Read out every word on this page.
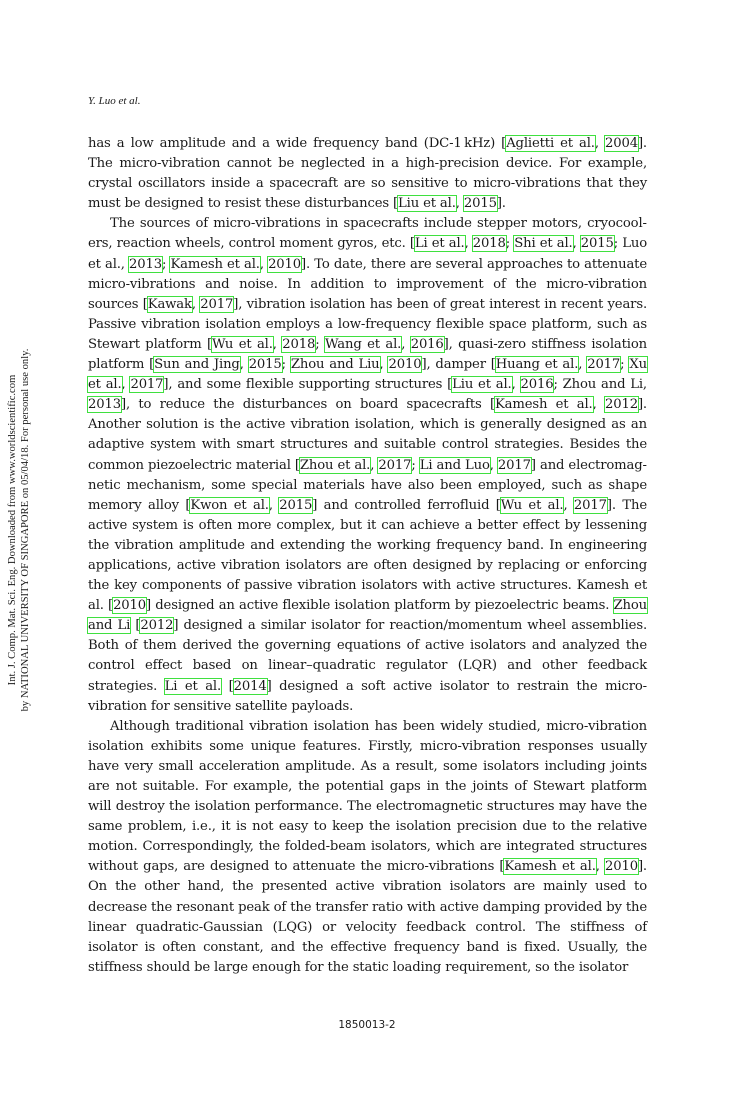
Y. Luo et al.
Int. J. Comp. Mat. Sci. Eng. Downloaded from www.worldscientific.com by NATIONAL UNIVERSITY OF SINGAPORE on 05/04/18. For personal use only.

has a low amplitude and a wide frequency band (DC-1 kHz) [Aglietti et al., 2004]. The micro-vibration cannot be neglected in a high-precision device. For example, crystal oscillators inside a spacecraft are so sensitive to micro-vibrations that they must be designed to resist these disturbances [Liu et al., 2015].

The sources of micro-vibrations in spacecrafts include stepper motors, cryocoolers, reaction wheels, control moment gyros, etc. [Li et al., 2018; Shi et al., 2015; Luo et al., 2013; Kamesh et al., 2010]. To date, there are several approaches to attenuate micro-vibrations and noise. In addition to improvement of the micro-vibration sources [Kawak, 2017], vibration isolation has been of great interest in recent years. Passive vibration isolation employs a low-frequency flexible space platform, such as Stewart platform [Wu et al., 2018; Wang et al., 2016], quasi-zero stiffness isolation platform [Sun and Jing, 2015; Zhou and Liu, 2010], damper [Huang et al., 2017; Xu et al., 2017], and some flexible supporting structures [Liu et al., 2016; Zhou and Li, 2013], to reduce the disturbances on board spacecrafts [Kamesh et al., 2012]. Another solution is the active vibration isolation, which is generally designed as an adaptive system with smart structures and suitable control strategies. Besides the common piezoelectric material [Zhou et al., 2017; Li and Luo, 2017] and electromagnetic mechanism, some special materials have also been employed, such as shape memory alloy [Kwon et al., 2015] and controlled ferrofluid [Wu et al., 2017]. The active system is often more complex, but it can achieve a better effect by lessening the vibration amplitude and extending the working frequency band. In engineering applications, active vibration isolators are often designed by replacing or enforcing the key components of passive vibration isolators with active structures. Kamesh et al. [2010] designed an active flexible isolation platform by piezoelectric beams. Zhou and Li [2012] designed a similar isolator for reaction/momentum wheel assemblies. Both of them derived the governing equations of active isolators and analyzed the control effect based on linear–quadratic regulator (LQR) and other feedback strategies. Li et al. [2014] designed a soft active isolator to restrain the micro-vibration for sensitive satellite payloads.

Although traditional vibration isolation has been widely studied, micro-vibration isolation exhibits some unique features. Firstly, micro-vibration responses usually have very small acceleration amplitude. As a result, some isolators including joints are not suitable. For example, the potential gaps in the joints of Stewart platform will destroy the isolation performance. The electromagnetic structures may have the same problem, i.e., it is not easy to keep the isolation precision due to the relative motion. Correspondingly, the folded-beam isolators, which are integrated structures without gaps, are designed to attenuate the micro-vibrations [Kamesh et al., 2010]. On the other hand, the presented active vibration isolators are mainly used to decrease the resonant peak of the transfer ratio with active damping provided by the linear quadratic-Gaussian (LQG) or velocity feedback control. The stiffness of isolator is often constant, and the effective frequency band is fixed. Usually, the stiffness should be large enough for the static loading requirement, so the isolator

1850013-2
